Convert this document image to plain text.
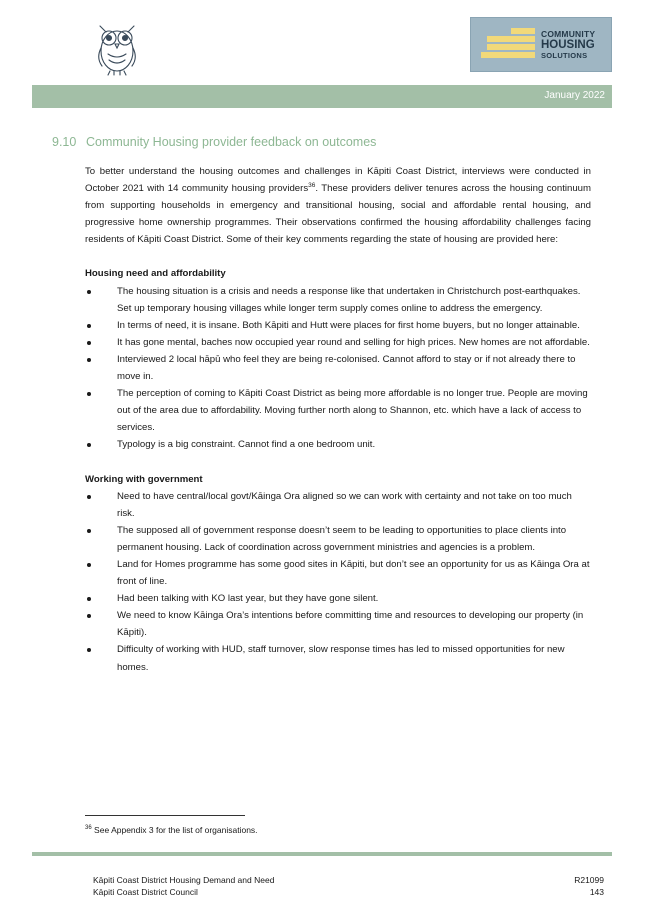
COMMUNITY
HOUSING
SOLUTIONS
January 2022
9.10 Community Housing provider feedback on outcomes

To better understand the housing outcomes and challenges in Kāpiti Coast District, interviews were conducted in October 2021 with 14 community housing providers$^{36}$. These providers deliver tenures across the housing continuum from supporting households in emergency and transitional housing, social and affordable rental housing, and progressive home ownership programmes. Their observations confirmed the housing affordability challenges facing residents of Kāpiti Coast District. Some of their key comments regarding the state of housing are provided here:

Housing need and affordability

The housing situation is a crisis and needs a response like that undertaken in Christchurch post-earthquakes. Set up temporary housing villages while longer term supply comes online to address the emergency.
In terms of need, it is insane. Both Kāpiti and Hutt were places for first home buyers, but no longer attainable.
It has gone mental, baches now occupied year round and selling for high prices. New homes are not affordable.
Interviewed 2 local hāpū who feel they are being re-colonised. Cannot afford to stay or if not already there to move in.
The perception of coming to Kāpiti Coast District as being more affordable is no longer true. People are moving out of the area due to affordability. Moving further north along to Shannon, etc. which have a lack of access to services.
Typology is a big constraint. Cannot find a one bedroom unit.

Working with government

Need to have central/local govt/Kāinga Ora aligned so we can work with certainty and not take on too much risk.
The supposed all of government response doesn’t seem to be leading to opportunities to place clients into permanent housing. Lack of coordination across government ministries and agencies is a problem.
Land for Homes programme has some good sites in Kāpiti, but don’t see an opportunity for us as Kāinga Ora at front of line.
Had been talking with KO last year, but they have gone silent.
We need to know Kāinga Ora’s intentions before committing time and resources to developing our property (in Kāpiti).
Difficulty of working with HUD, staff turnover, slow response times has led to missed opportunities for new homes.
$^{36}$ See Appendix 3 for the list of organisations.
Kāpiti Coast District Housing Demand and Need
Kāpiti Coast District Council
R21099
143
